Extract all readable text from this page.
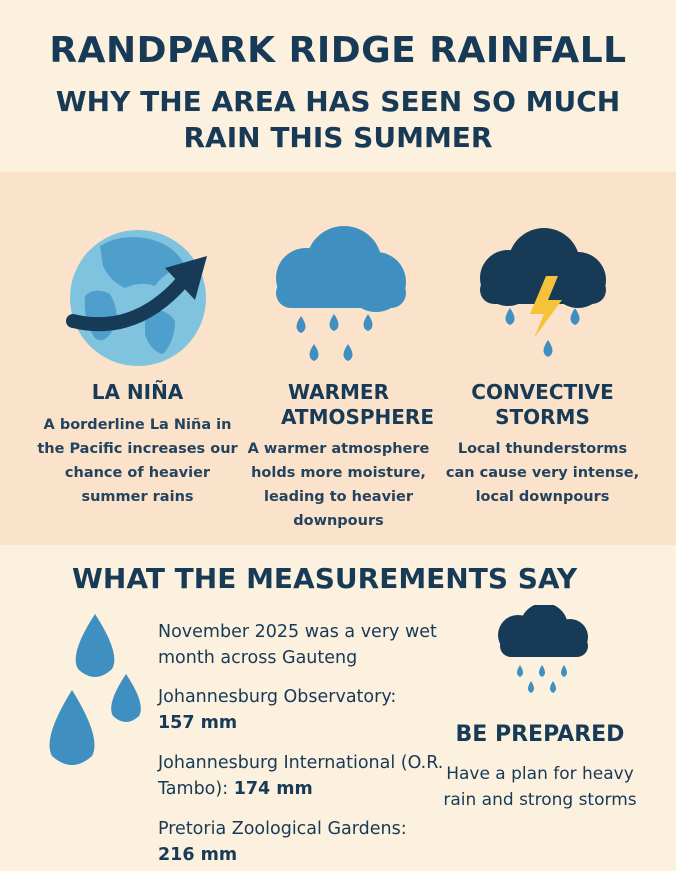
RANDPARK RIDGE RAINFALL
WHY THE AREA HAS SEEN SO MUCH RAIN THIS SUMMER
LA NIÑA
A borderline La Niña in the Pacific increases our chance of heavier summer rains
WARMER ATMOSPHERE
A warmer atmosphere holds more moisture, leading to heavier downpours
CONVECTIVE STORMS
Local thunderstorms can cause very intense, local downpours
WHAT THE MEASUREMENTS SAY
November 2025 was a very wet month across Gauteng
Johannesburg Observatory:
157 mm
Johannesburg International (O.R. Tambo): 174 mm
Pretoria Zoological Gardens:
216 mm
BE PREPARED
Have a plan for heavy rain and strong storms
